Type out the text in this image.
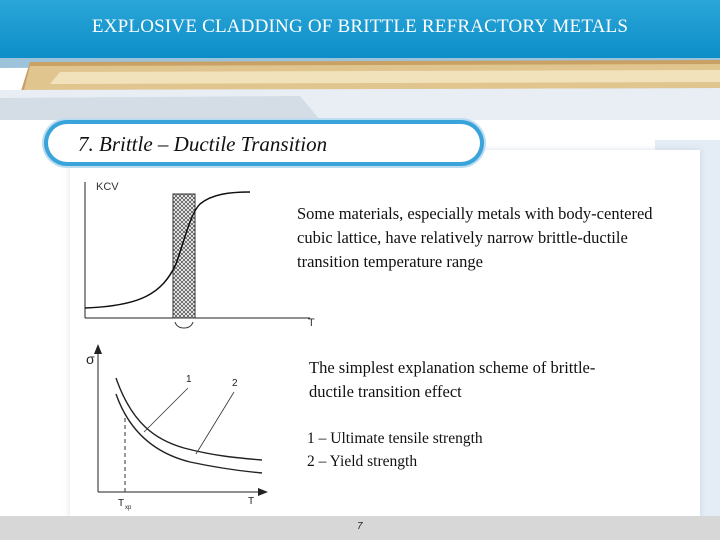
EXPLOSIVE CLADDING OF BRITTLE REFRACTORY METALS
7. Brittle – Ductile Transition
KCV
T
σ
1	2
T xp
T
Some materials, especially metals with body-centered cubic lattice, have relatively narrow brittle-ductile transition temperature range
The simplest explanation scheme of brittle-ductile transition effect
1 – Ultimate tensile strength
2 – Yield strength
7
